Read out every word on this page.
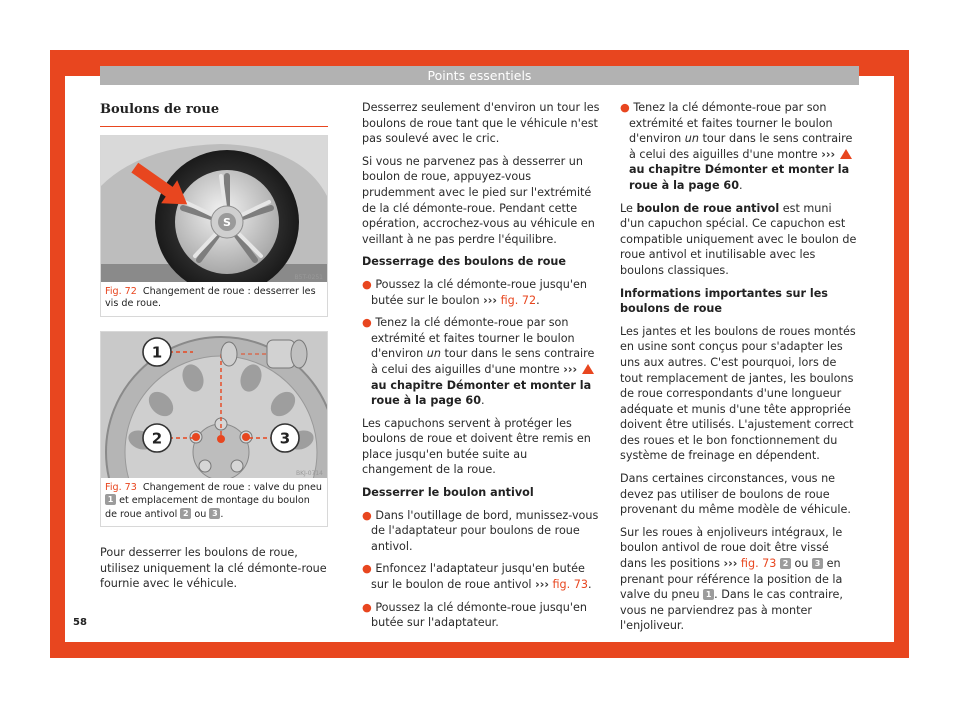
Points essentiels
Boulons de roue
S
B5T-0251
Fig. 72 Changement de roue : desserrer les vis de roue.
1
2	3
BKJ-0714
Fig. 73 Changement de roue : valve du pneu 1 et emplacement de montage du boulon de roue antivol 2 ou 3 .

Pour desserrer les boulons de roue, utilisez uniquement la clé démonte-roue fournie avec le véhicule.

Desserrez seulement d'environ un tour les boulons de roue tant que le véhicule n'est pas soulevé avec le cric.

Si vous ne parvenez pas à desserrer un boulon de roue, appuyez-vous prudemment avec le pied sur l'extrémité de la clé démonte-roue. Pendant cette opération, accrochez-vous au véhicule en veillant à ne pas perdre l'équilibre.

Desserrage des boulons de roue

● Poussez la clé démonte-roue jusqu'en butée sur le boulon ››› fig. 72.

● Tenez la clé démonte-roue par son extrémité et faites tourner le boulon d'environ un tour dans le sens contraire à celui des aiguilles d'une montre ››› ! au chapitre Démonter et monter la roue à la page 60.

Les capuchons servent à protéger les boulons de roue et doivent être remis en place jusqu'en butée suite au changement de la roue.

Desserrer le boulon antivol

● Dans l'outillage de bord, munissez-vous de l'adaptateur pour boulons de roue antivol.

● Enfoncez l'adaptateur jusqu'en butée sur le boulon de roue antivol ››› fig. 73.

● Poussez la clé démonte-roue jusqu'en butée sur l'adaptateur.

● Tenez la clé démonte-roue par son extrémité et faites tourner le boulon d'environ un tour dans le sens contraire à celui des aiguilles d'une montre ››› ! au chapitre Démonter et monter la roue à la page 60.

Le boulon de roue antivol est muni d'un capuchon spécial. Ce capuchon est compatible uniquement avec le boulon de roue antivol et inutilisable avec les boulons classiques.

Informations importantes sur les boulons de roue

Les jantes et les boulons de roues montés en usine sont conçus pour s'adapter les uns aux autres. C'est pourquoi, lors de tout remplacement de jantes, les boulons de roue correspondants d'une longueur adéquate et munis d'une tête appropriée doivent être utilisés. L'ajustement correct des roues et le bon fonctionnement du système de freinage en dépendent.

Dans certaines circonstances, vous ne devez pas utiliser de boulons de roue provenant du même modèle de véhicule.

Sur les roues à enjoliveurs intégraux, le boulon antivol de roue doit être vissé dans les positions ››› fig. 73 2 ou 3 en prenant pour référence la position de la valve du pneu 1 . Dans le cas contraire, vous ne parviendrez pas à monter l'enjoliveur.

58
